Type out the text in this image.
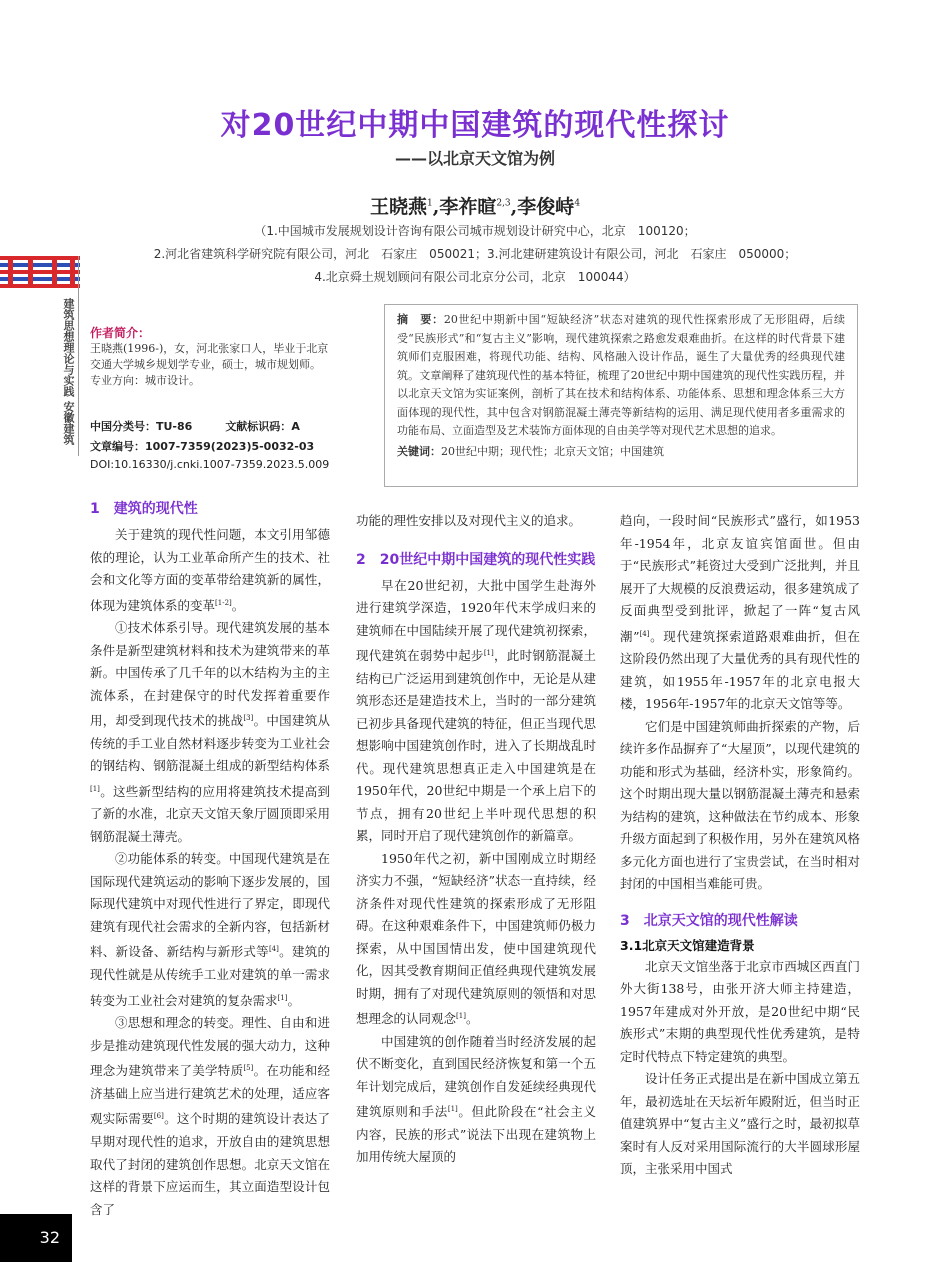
对20世纪中期中国建筑的现代性探讨
——以北京天文馆为例
王晓燕$^1$,李祚暄$^{2,3}$,李俊峙$^4$
（1.中国城市发展规划设计咨询有限公司城市规划设计研究中心，北京　100120；
2.河北省建筑科学研究院有限公司，河北　石家庄　050021；3.河北建研建筑设计有限公司，河北　石家庄　050000；
4.北京舜土规划顾问有限公司北京分公司，北京　100044）
建筑思想理论与实践 安徽建筑 作者简介：
王晓燕(1996-)，女，河北张家口人，毕业于北京交通大学城乡规划学专业，硕士，城市规划师。专业方向：城市设计。
中国分类号：TU-86	文献标识码：A
文章编号：1007-7359(2023)5-0032-03
DOI:10.16330/j.cnki.1007-7359.2023.5.009
摘　要：20世纪中期新中国“短缺经济”状态对建筑的现代性探索形成了无形阻碍，后续受“民族形式”和“复古主义”影响，现代建筑探索之路愈发艰难曲折。在这样的时代背景下建筑师们克服困难，将现代功能、结构、风格融入设计作品，诞生了大量优秀的经典现代建筑。文章阐释了建筑现代性的基本特征，梳理了20世纪中期中国建筑的现代性实践历程，并以北京天文馆为实证案例，剖析了其在技术和结构体系、功能体系、思想和理念体系三大方面体现的现代性，其中包含对钢筋混凝土薄壳等新结构的运用、满足现代使用者多重需求的功能布局、立面造型及艺术装饰方面体现的自由美学等对现代艺术思想的追求。
关键词：20世纪中期；现代性；北京天文馆；中国建筑
1　建筑的现代性

关于建筑的现代性问题，本文引用邹德侬的理论，认为工业革命所产生的技术、社会和文化等方面的变革带给建筑新的属性，体现为建筑体系的变革[1-2]。

①技术体系引导。现代建筑发展的基本条件是新型建筑材料和技术为建筑带来的革新。中国传承了几千年的以木结构为主的主流体系，在封建保守的时代发挥着重要作用，却受到现代技术的挑战[3]。中国建筑从传统的手工业自然材料逐步转变为工业社会的钢结构、钢筋混凝土组成的新型结构体系[1]。这些新型结构的应用将建筑技术提高到了新的水准，北京天文馆天象厅圆顶即采用钢筋混凝土薄壳。

②功能体系的转变。中国现代建筑是在国际现代建筑运动的影响下逐步发展的，国际现代建筑中对现代性进行了界定，即现代建筑有现代社会需求的全新内容，包括新材料、新设备、新结构与新形式等[4]。建筑的现代性就是从传统手工业对建筑的单一需求转变为工业社会对建筑的复杂需求[1]。

③思想和理念的转变。理性、自由和进步是推动建筑现代性发展的强大动力，这种理念为建筑带来了美学特质[5]。在功能和经济基础上应当进行建筑艺术的处理，适应客观实际需要[6]。这个时期的建筑设计表达了早期对现代性的追求，开放自由的建筑思想取代了封闭的建筑创作思想。北京天文馆在这样的背景下应运而生，其立面造型设计包含了

功能的理性安排以及对现代主义的追求。

2　20世纪中期中国建筑的现代性实践

早在20世纪初，大批中国学生赴海外进行建筑学深造，1920年代末学成归来的建筑师在中国陆续开展了现代建筑初探索，现代建筑在弱势中起步[1]，此时钢筋混凝土结构已广泛运用到建筑创作中，无论是从建筑形态还是建造技术上，当时的一部分建筑已初步具备现代建筑的特征，但正当现代思想影响中国建筑创作时，进入了长期战乱时代。现代建筑思想真正走入中国建筑是在1950年代，20世纪中期是一个承上启下的节点，拥有20世纪上半叶现代思想的积累，同时开启了现代建筑创作的新篇章。

1950年代之初，新中国刚成立时期经济实力不强，“短缺经济”状态一直持续，经济条件对现代性建筑的探索形成了无形阻碍。在这种艰难条件下，中国建筑师仍极力探索，从中国国情出发，使中国建筑现代化，因其受教育期间正值经典现代建筑发展时期，拥有了对现代建筑原则的领悟和对思想理念的认同观念[1]。

中国建筑的创作随着当时经济发展的起伏不断变化，直到国民经济恢复和第一个五年计划完成后，建筑创作自发延续经典现代建筑原则和手法[1]。但此阶段在“社会主义内容，民族的形式”说法下出现在建筑物上加用传统大屋顶的

趋向，一段时间“民族形式”盛行，如1953年-1954年，北京友谊宾馆面世。但由于“民族形式”耗资过大受到广泛批判，并且展开了大规模的反浪费运动，很多建筑成了反面典型受到批评，掀起了一阵“复古风潮”[4]。现代建筑探索道路艰难曲折，但在这阶段仍然出现了大量优秀的具有现代性的建筑，如1955年-1957年的北京电报大楼，1956年-1957年的北京天文馆等等。

它们是中国建筑师曲折探索的产物，后续许多作品摒弃了“大屋顶”，以现代建筑的功能和形式为基础，经济朴实，形象简约。这个时期出现大量以钢筋混凝土薄壳和悬索为结构的建筑，这种做法在节约成本、形象升级方面起到了积极作用，另外在建筑风格多元化方面也进行了宝贵尝试，在当时相对封闭的中国相当难能可贵。

3　北京天文馆的现代性解读
3.1北京天文馆建造背景

北京天文馆坐落于北京市西城区西直门外大街138号，由张开济大师主持建造，1957年建成对外开放，是20世纪中期“民族形式”末期的典型现代性优秀建筑，是特定时代特点下特定建筑的典型。

设计任务正式提出是在新中国成立第五年，最初选址在天坛祈年殿附近，但当时正值建筑界中“复古主义”盛行之时，最初拟草案时有人反对采用国际流行的大半圆球形屋顶，主张采用中国式

32
